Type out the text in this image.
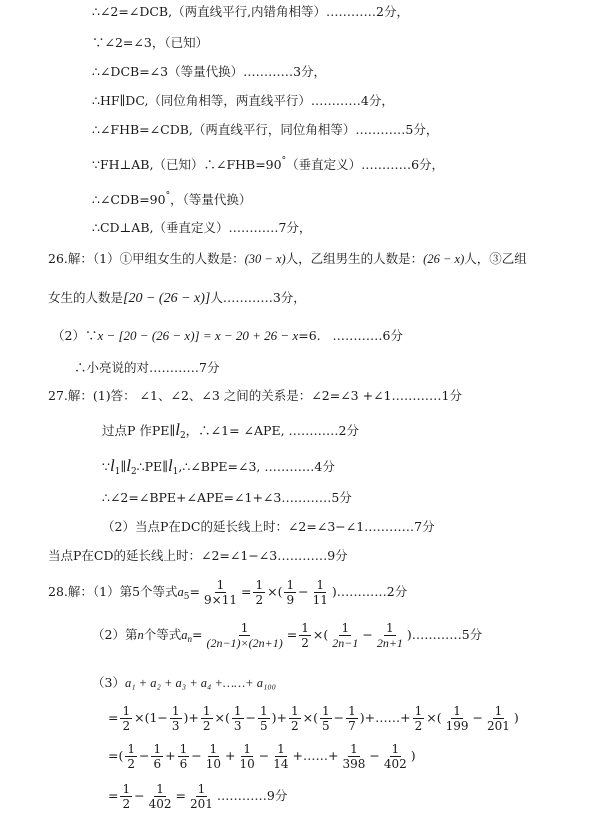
∴∠2=∠DCB,（两直线平行,内错角相等）…………2分，
∵∠2=∠3，（已知）
∴∠DCB=∠3（等量代换）…………3分，
∴HF∥DC,（同位角相等，两直线平行）…………4分，
∴∠FHB=∠CDB,（两直线平行，同位角相等）…………5分，
∵FH⊥AB,（已知）∴∠FHB=90°（垂直定义）…………6分，
∴∠CDB=90°，（等量代换）
∴CD⊥AB,（垂直定义）…………7分，
26.解：（1）①甲组女生的人数是：(30 − x)人，乙组男生的人数是：(26 − x)人，③乙组
女生的人数是[20 − (26 − x)]人…………3分，
（2）∵x − [20 − (26 − x)] = x − 20 + 26 − x=6. …………6分
∴小亮说的对…………7分
27.解：(1)答： ∠1、∠2、∠3 之间的关系是：∠2=∠3 +∠1…………1分
过点P 作$PE\parallel l_2$，∴∠1= ∠APE, …………2分
$\because l_1\parallel l_2\therefore PE\parallel l_1,\therefore\angle BPE=\angle 3$, …………4分
∴∠2=∠BPE+∠APE=∠1+∠3…………5分
（2）当点P在DC的延长线上时：∠2=∠3−∠1…………7分
当点P在CD的延长线上时：∠2=∠1−∠3…………9分
28.解：（1）第5个等式$a_5= \frac{1}{9\times 11} = \frac{1}{2}$ ×( $\frac{1}{9} - \frac{1}{11}$ )…………2分
（2）第n个等式$a_n= \frac{1}{(2n-1)\times(2n+1)} = \frac{1}{2}$ ×( $\frac{1}{2n-1} - \frac{1}{2n+1}$ )…………5分
（3）a₁ + a₂ + a₃ + a₄ +……+ a₁₀₀
= $\frac{1}{2} \times(1- \frac{1}{3}$ )+ $\frac{1}{2}$ ×( $\frac{1}{3} - \frac{1}{5}$ )+ $\frac{1}{2}$ ×( $\frac{1}{5} - \frac{1}{7}$ )+……+ $\frac{1}{2}$ ×( $\frac{1}{199} - \frac{1}{201}$ )
=( $\frac{1}{2} - \frac{1}{6} + \frac{1}{6} - \frac{1}{10} + \frac{1}{10} - \frac{1}{14}$ +……+ $\frac{1}{398} - \frac{1}{402}$ )
= $\frac{1}{2} - \frac{1}{402} = \frac{1}{201}$ …………9分
